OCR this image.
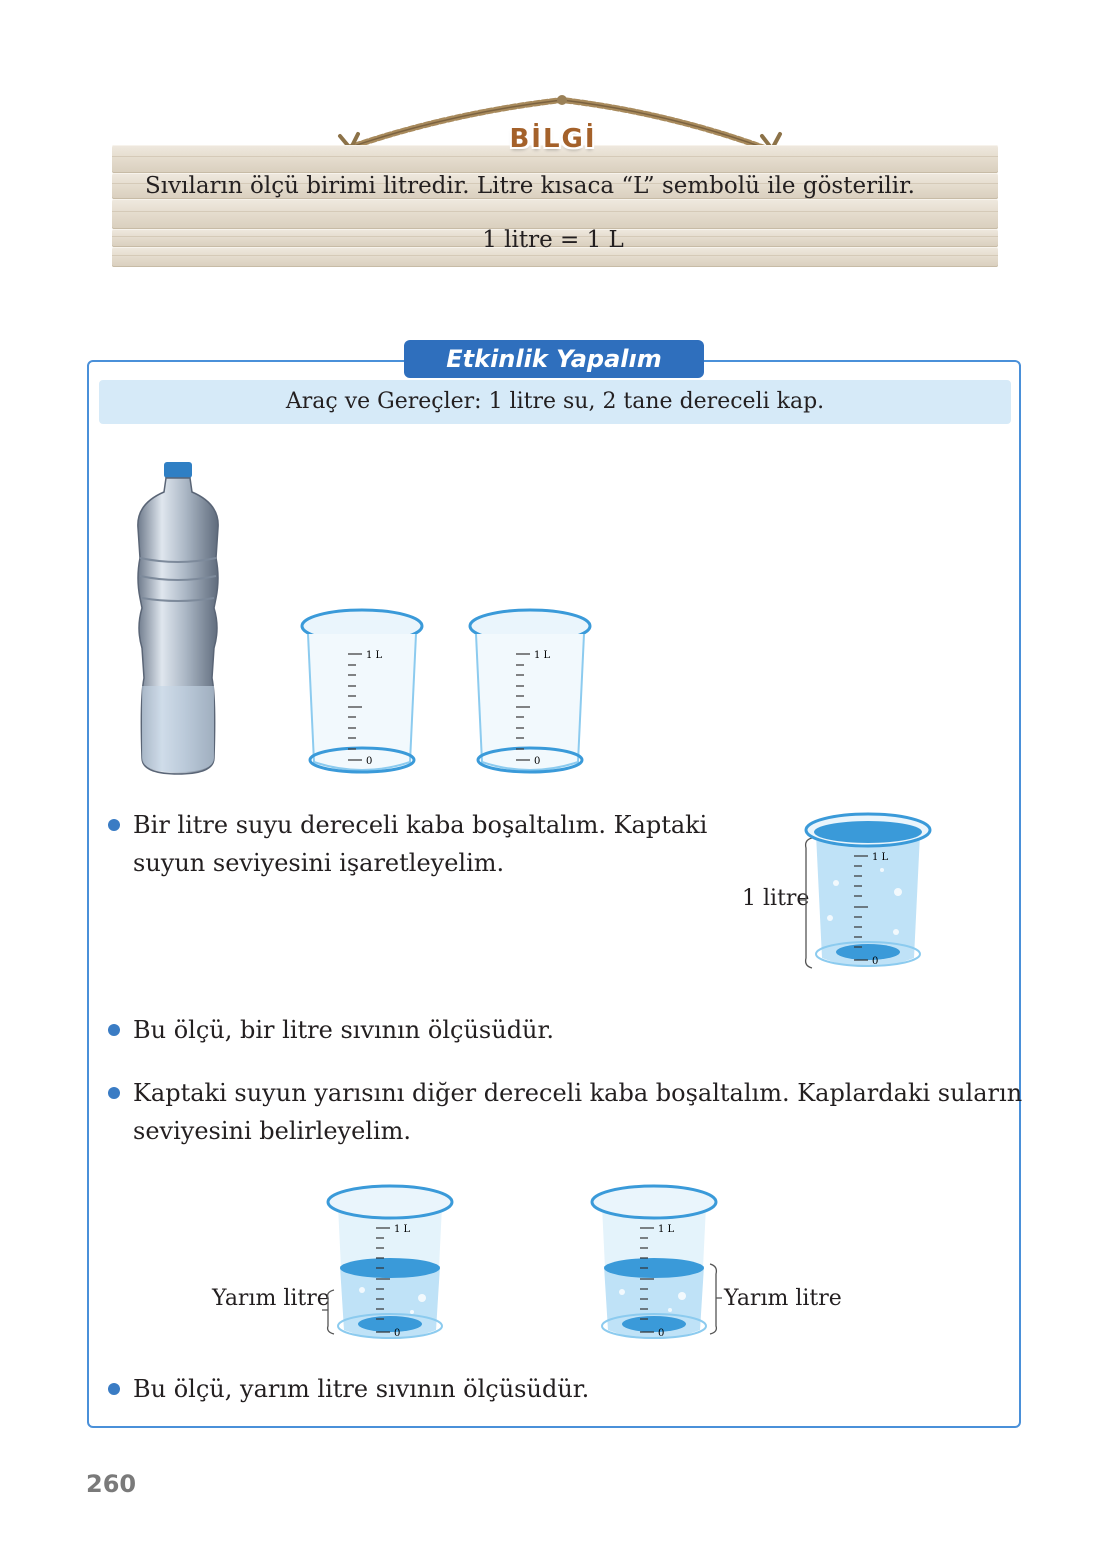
BİLGİ
Sıvıların ölçü birimi litredir. Litre kısaca “L” sembolü ile gösterilir.
1 litre = 1 L
Etkinlik Yapalım
Araç ve Gereçler: 1 litre su, 2 tane dereceli kap.
1 L
0
1 L
0
Bir litre suyu dereceli kaba boşaltalım. Kaptaki
suyun seviyesini işaretleyelim.
1 litre
1 L
0
Bu ölçü, bir litre sıvının ölçüsüdür.
Kaptaki suyun yarısını diğer dereceli kaba boşaltalım. Kaplardaki suların
seviyesini belirleyelim.
Yarım litre
1 L
0
1 L
0
Yarım litre
Bu ölçü, yarım litre sıvının ölçüsüdür.
260
